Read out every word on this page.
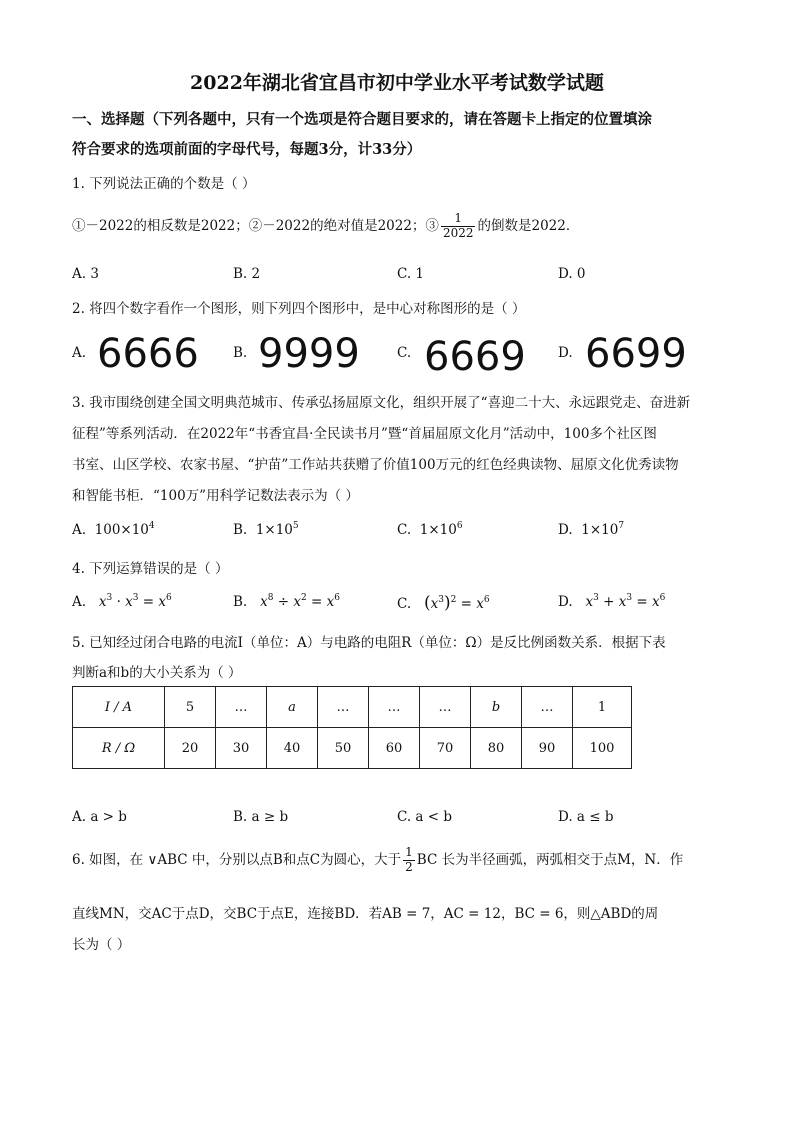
2022年湖北省宜昌市初中学业水平考试数学试题
一、选择题（下列各题中，只有一个选项是符合题目要求的，请在答题卡上指定的位置填涂
符合要求的选项前面的字母代号，每题3分，计33分）
1. 下列说法正确的个数是（ ）
①－2022的相反数是2022；②－2022的绝对值是2022；③ $\frac{1}{2022}$ 的倒数是2022．
A. 3	B. 2	C. 1	D. 0
2. 将四个数字看作一个图形，则下列四个图形中，是中心对称图形的是（ ）
A. 6666	B. 9999	C. 6669 D. 6699
3. 我市围绕创建全国文明典范城市、传承弘扬屈原文化，组织开展了“喜迎二十大、永远跟党走、奋进新
征程”等系列活动．在2022年“书香宜昌·全民读书月”暨“首届屈原文化月”活动中，100多个社区图
书室、山区学校、农家书屋、“护苗”工作站共获赠了价值100万元的红色经典读物、屈原文化优秀读物
和智能书柜．“100万”用科学记数法表示为（ ）
A. $100\times 10^4$	B. $1\times 10^5$	C. $1\times 10^6$	D. $1\times 10^7$
4. 下列运算错误的是（ ）
A. $x^3 \cdot x^3 = x^6$	B. $x^8 \div x^2 = x^6$	C. $(x^3)^2 = x^6$	D. $x^3 + x^3 = x^6$
5. 已知经过闭合电路的电流I（单位：A）与电路的电阻R（单位：Ω）是反比例函数关系．根据下表
判断a和b的大小关系为（ ）
I / A	5	…	a	…	…	…	b	…	1
R / Ω	20	30	40	50	60	70	80	90	100
A. a > b	B. a ≥ b	C. a < b	D. a ≤ b
6. 如图，在 ∨ABC 中，分别以点B和点C为圆心，大于 $\frac{1}{2}$ BC 长为半径画弧，两弧相交于点M，N．作
直线MN，交AC于点D，交BC于点E，连接BD．若AB = 7，AC = 12，BC = 6，则△ABD的周
长为（ ）
